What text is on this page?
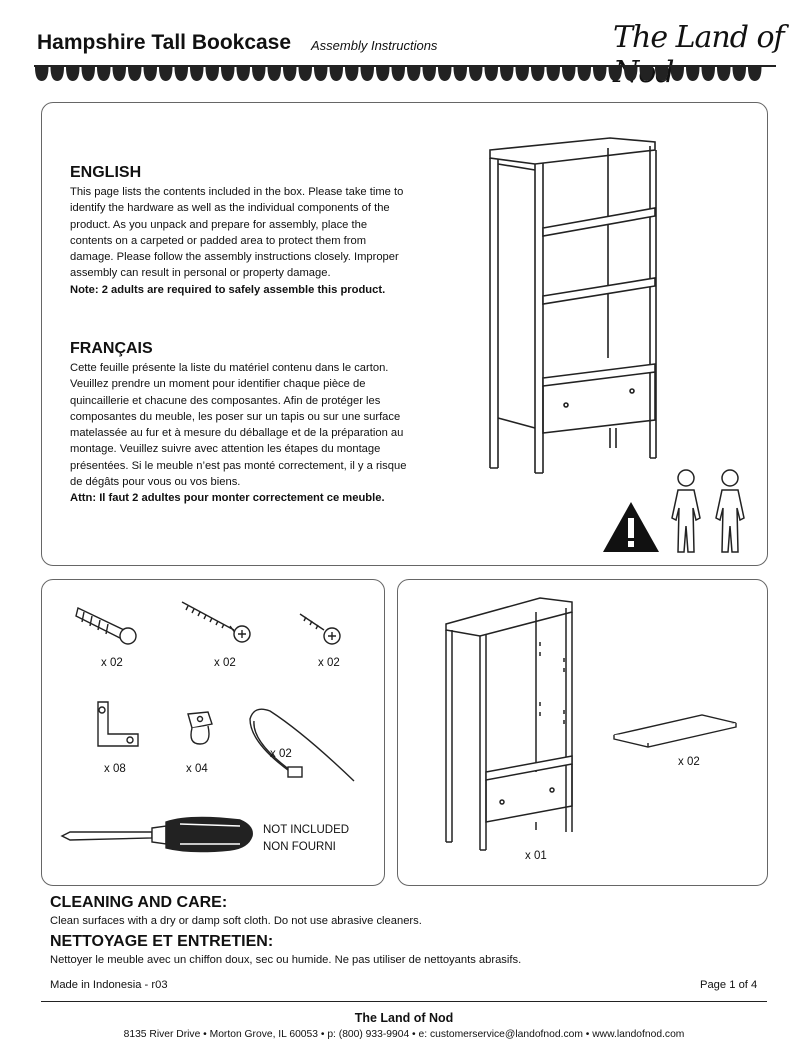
Hampshire Tall Bookcase Assembly Instructions	The Land of
ENGLISH

This page lists the contents included in the box. Please take time to identify the hardware as well as the individual components of the product. As you unpack and prepare for assembly, place the contents on a carpeted or padded area to protect them from damage. Please follow the assembly instructions closely. Improper assembly can result in personal or property damage.
Note: 2 adults are required to safely assemble this product.

FRANÇAIS

Cette feuille présente la liste du matériel contenu dans le carton. Veuillez prendre un moment pour identifier chaque pièce de quincaillerie et chacune des composantes. Afin de protéger les composantes du meuble, les poser sur un tapis ou sur une surface matelassée au fur et à mesure du déballage et de la préparation au montage. Veuillez suivre avec attention les étapes du montage présentées. Si le meuble n’est pas monté correctement, il y a risque de dégâts pour vous ou vos biens.
Attn: Il faut 2 adultes pour monter correctement ce meuble.

x 02	x 02	x 02
x 08	x 04
x 02
NOT INCLUDED
NON FOURNI
x 01
x 02
CLEANING AND CARE:
Clean surfaces with a dry or damp soft cloth. Do not use abrasive cleaners.
NETTOYAGE ET ENTRETIEN:
Nettoyer le meuble avec un chiffon doux, sec ou humide. Ne pas utiliser de nettoyants abrasifs.
Made in Indonesia - r03	Page 1 of 4
The Land of Nod
8135 River Drive • Morton Grove, IL 60053 • p: (800) 933-9904 • e: customerservice@landofnod.com • www.landofnod.com
